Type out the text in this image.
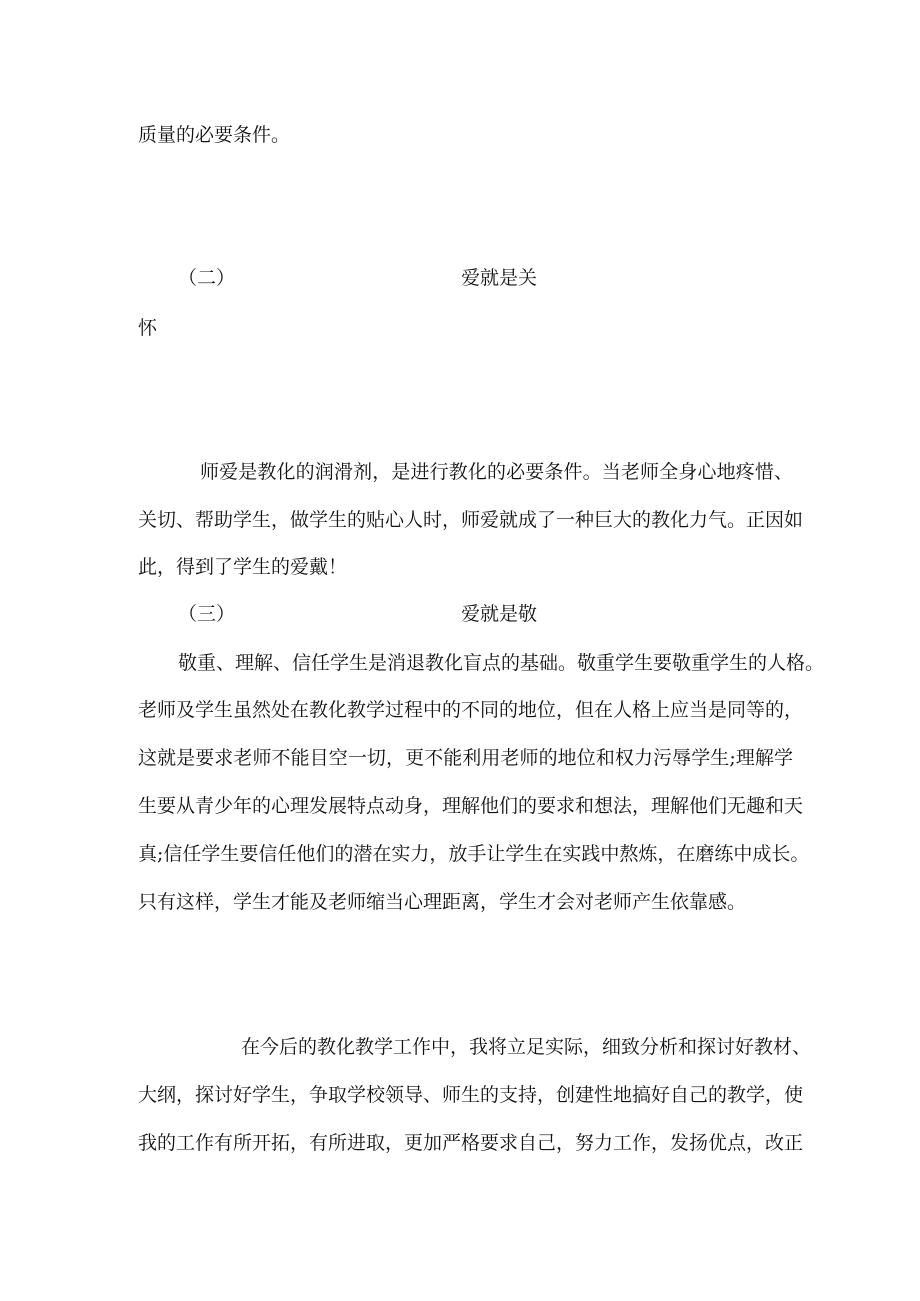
质量的必要条件。
（二）	爱就是关
怀
师爱是教化的润滑剂，是进行教化的必要条件。当老师全身心地疼惜、
关切、帮助学生，做学生的贴心人时，师爱就成了一种巨大的教化力气。正因如
此，得到了学生的爱戴！
（三）	爱就是敬
敬重、理解、信任学生是消退教化盲点的基础。敬重学生要敬重学生的人格。
老师及学生虽然处在教化教学过程中的不同的地位，但在人格上应当是同等的，
这就是要求老师不能目空一切，更不能利用老师的地位和权力污辱学生;理解学
生要从青少年的心理发展特点动身，理解他们的要求和想法，理解他们无趣和天
真;信任学生要信任他们的潜在实力，放手让学生在实践中熬炼，在磨练中成长。
只有这样，学生才能及老师缩当心理距离，学生才会对老师产生依靠感。
在今后的教化教学工作中，我将立足实际，细致分析和探讨好教材、
大纲，探讨好学生，争取学校领导、师生的支持，创建性地搞好自己的教学，使
我的工作有所开拓，有所进取，更加严格要求自己，努力工作，发扬优点，改正
